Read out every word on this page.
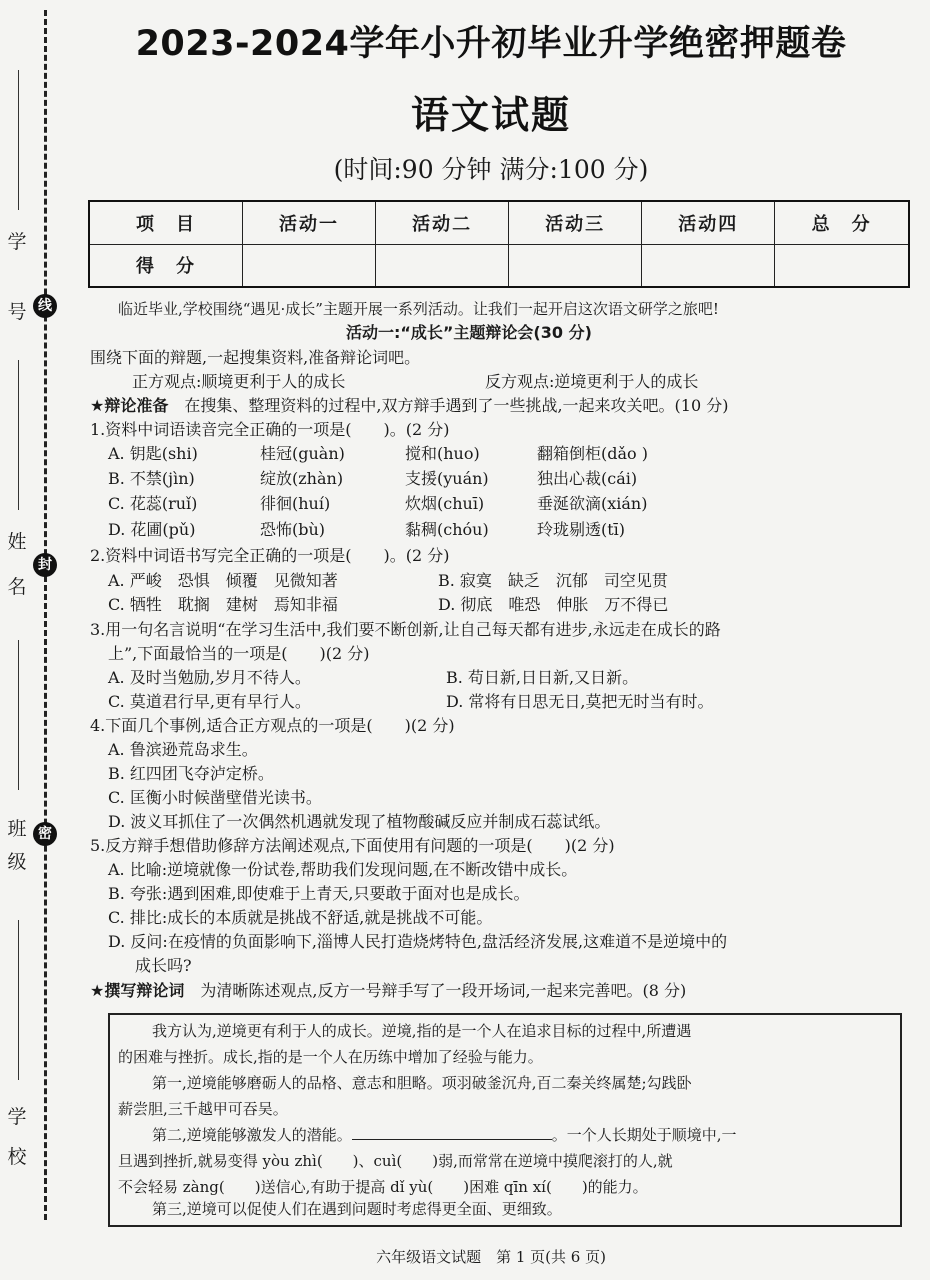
学
号 线
姓
名
封
班
级
密
学
校
2023-2024学年小升初毕业升学绝密押题卷
语文试题
(时间:90 分钟 满分:100 分)
项　目	活动一	活动二	活动三	活动四	总　分
得　分					
临近毕业,学校围绕“遇见·成长”主题开展一系列活动。让我们一起开启这次语文研学之旅吧!
活动一:“成长”主题辩论会(30 分)
围绕下面的辩题,一起搜集资料,准备辩论词吧。
正方观点:顺境更利于人的成长	反方观点:逆境更利于人的成长
★辩论准备　 在搜集、整理资料的过程中,双方辩手遇到了一些挑战,一起来攻关吧。(10 分)
1.资料中词语读音完全正确的一项是(　　)。(2 分)
A. 钥匙(shi)	桂冠(guàn)	搅和(huo)	翻箱倒柜(dǎo )
B. 不禁(jìn)	绽放(zhàn)	支援(yuán)	独出心裁(cái)
C. 花蕊(ruǐ)	徘徊(huí)	炊烟(chuī)	垂涎欲滴(xián)
D. 花圃(pǔ)	恐怖(bù)	黏稠(chóu)	玲珑剔透(tī)
2.资料中词语书写完全正确的一项是(　　)。(2 分)
A. 严峻　恐惧　倾覆　见微知著	B. 寂寞　缺乏　沉郁　司空见贯
C. 牺牲　耽搁　建树　焉知非福	D. 彻底　唯恐　伸胀　万不得已
3.用一句名言说明“在学习生活中,我们要不断创新,让自己每天都有进步,永远走在成长的路
上”,下面最恰当的一项是(　　)(2 分)
A. 及时当勉励,岁月不待人。	B. 苟日新,日日新,又日新。
C. 莫道君行早,更有早行人。	D. 常将有日思无日,莫把无时当有时。
4.下面几个事例,适合正方观点的一项是(　　)(2 分)
A. 鲁滨逊荒岛求生。
B. 红四团飞夺泸定桥。
C. 匡衡小时候凿壁借光读书。
D. 波义耳抓住了一次偶然机遇就发现了植物酸碱反应并制成石蕊试纸。
5.反方辩手想借助修辞方法阐述观点,下面使用有问题的一项是(　　)(2 分)
A. 比喻:逆境就像一份试卷,帮助我们发现问题,在不断改错中成长。
B. 夸张:遇到困难,即使难于上青天,只要敢于面对也是成长。
C. 排比:成长的本质就是挑战不舒适,就是挑战不可能。
D. 反问:在疫情的负面影响下,淄博人民打造烧烤特色,盘活经济发展,这难道不是逆境中的
成长吗?
★撰写辩论词　 为清晰陈述观点,反方一号辩手写了一段开场词,一起来完善吧。(8 分)
我方认为,逆境更有利于人的成长。逆境,指的是一个人在追求目标的过程中,所遭遇
的困难与挫折。成长,指的是一个人在历练中增加了经验与能力。
第一,逆境能够磨砺人的品格、意志和胆略。项羽破釜沉舟,百二秦关终属楚;勾践卧
薪尝胆,三千越甲可吞吴。
第二,逆境能够激发人的潜能。	。一个人长期处于顺境中,一
旦遇到挫折,就易变得 yòu zhì(　　)、cuì(　　)弱,而常常在逆境中摸爬滚打的人,就
不会轻易 zàng(　　)送信心,有助于提高 dǐ yù(　　)困难 qīn xí(　　)的能力。
第三,逆境可以促使人们在遇到问题时考虑得更全面、更细致。
六年级语文试题　第 1 页(共 6 页)
